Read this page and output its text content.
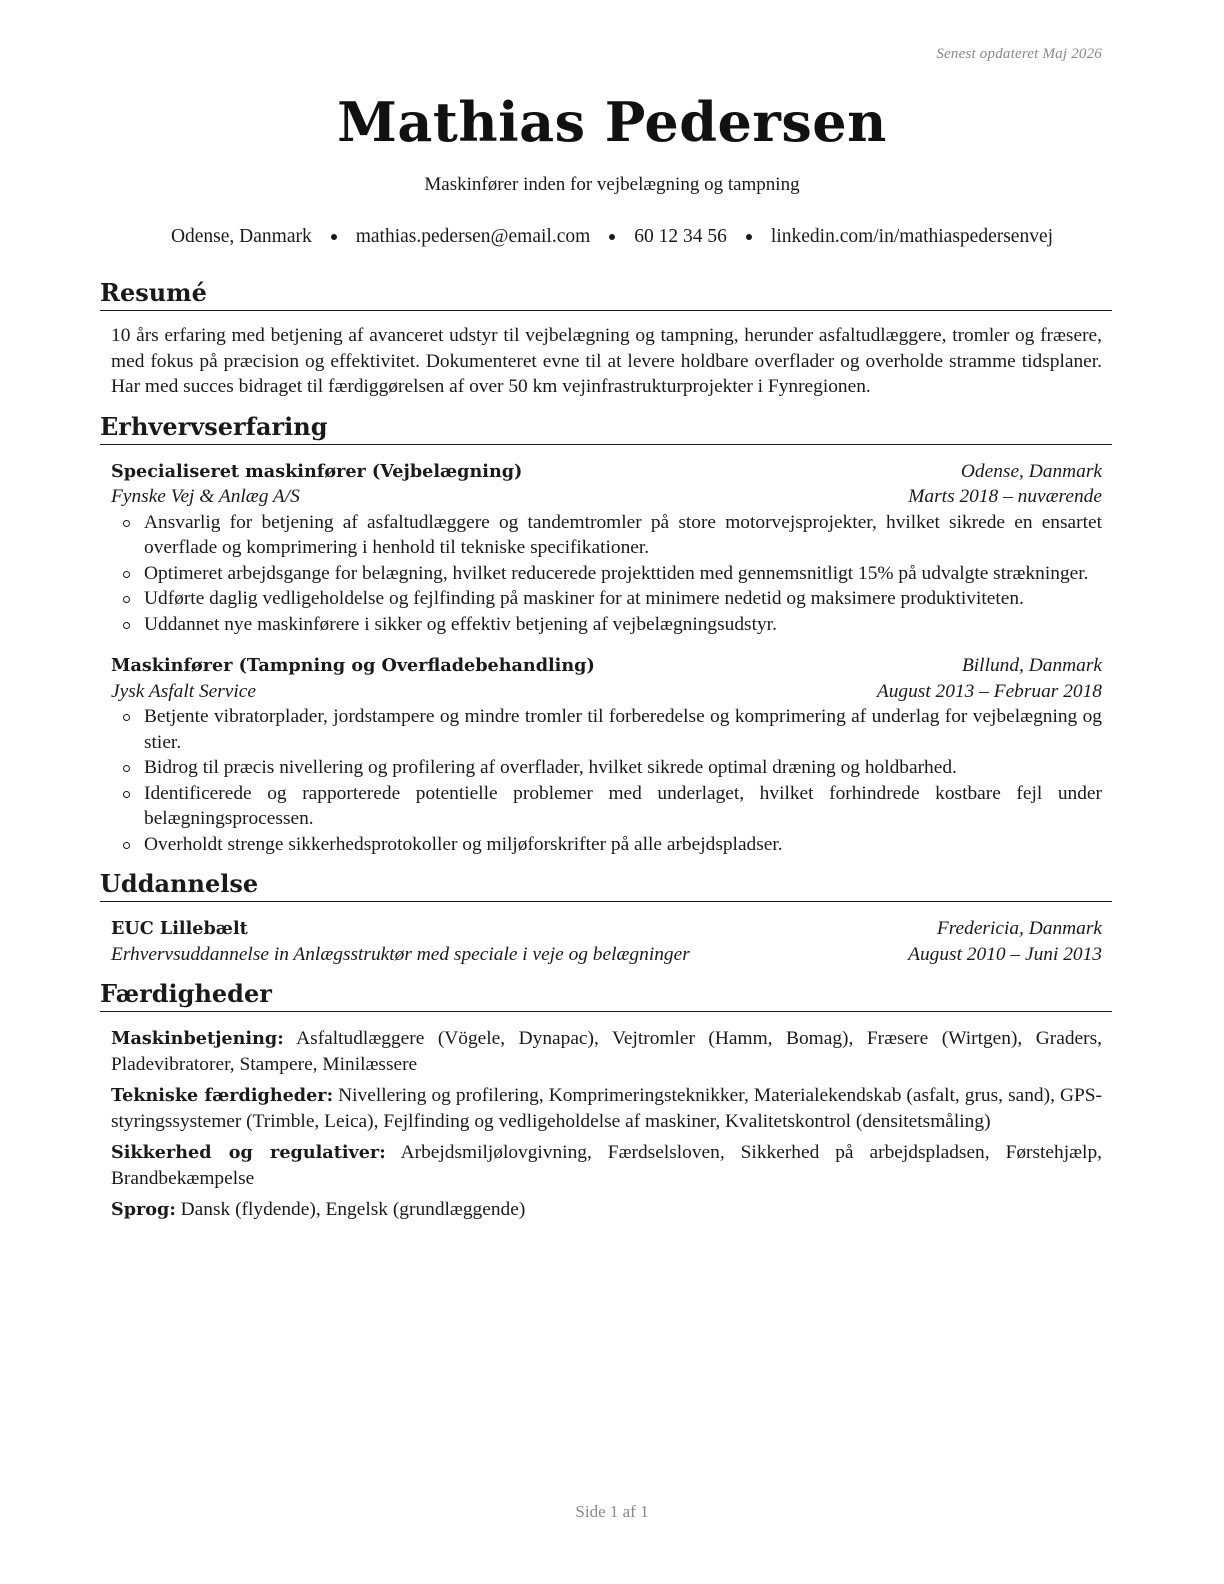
Senest opdateret Maj 2026
Mathias Pedersen
Maskinfører inden for vejbelægning og tampning
Odense, Danmark mathias.pedersen@email.com 60 12 34 56 linkedin.com/in/mathiaspedersenvej
Resumé

10 års erfaring med betjening af avanceret udstyr til vejbelægning og tampning, herunder asfaltudlæggere, tromler og fræsere, med fokus på præcision og effektivitet. Dokumenteret evne til at levere holdbare overflader og overholde stramme tidsplaner. Har med succes bidraget til færdiggørelsen af over 50 km vejinfrastrukturprojekter i Fynregionen.

Erhvervserfaring
Specialiseret maskinfører (Vejbelægning)	Odense, Danmark
Fynske Vej & Anlæg A/S	Marts 2018 – nuværende
Ansvarlig for betjening af asfaltudlæggere og tandemtromler på store motorvejsprojekter, hvilket sikrede en ensartet overflade og komprimering i henhold til tekniske specifikationer.
Optimeret arbejdsgange for belægning, hvilket reducerede projekttiden med gennemsnitligt 15% på udvalgte strækninger.
Udførte daglig vedligeholdelse og fejlfinding på maskiner for at minimere nedetid og maksimere produktiviteten.
Uddannet nye maskinførere i sikker og effektiv betjening af vejbelægningsudstyr.
Maskinfører (Tampning og Overfladebehandling)	Billund, Danmark
Jysk Asfalt Service	August 2013 – Februar 2018
Betjente vibratorplader, jordstampere og mindre tromler til forberedelse og komprimering af underlag for vejbelægning og stier.
Bidrog til præcis nivellering og profilering af overflader, hvilket sikrede optimal dræning og holdbarhed.
Identificerede og rapporterede potentielle problemer med underlaget, hvilket forhindrede kostbare fejl under belægningsprocessen.
Overholdt strenge sikkerhedsprotokoller og miljøforskrifter på alle arbejdspladser.
Uddannelse
EUC Lillebælt	Fredericia, Danmark
Erhvervsuddannelse in Anlægsstruktør med speciale i veje og belægninger	August 2010 – Juni 2013
Færdigheder
Maskinbetjening: Asfaltudlæggere (Vögele, Dynapac), Vejtromler (Hamm, Bomag), Fræsere (Wirtgen), Graders, Pladevibratorer, Stampere, Minilæssere
Tekniske færdigheder: Nivellering og profilering, Komprimeringsteknikker, Materialekendskab (asfalt, grus, sand), GPS-styringssystemer (Trimble, Leica), Fejlfinding og vedligeholdelse af maskiner, Kvalitetskontrol (densitetsmåling)
Sikkerhed og regulativer: Arbejdsmiljølovgivning, Færdselsloven, Sikkerhed på arbejdspladsen, Førstehjælp, Brandbekæmpelse
Sprog: Dansk (flydende), Engelsk (grundlæggende)
Side 1 af 1
